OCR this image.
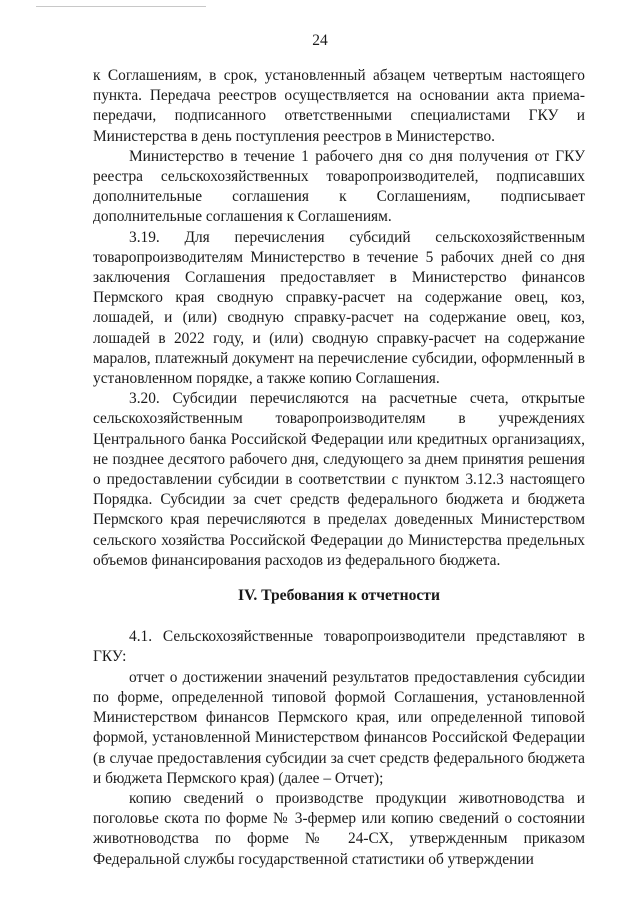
24

к Соглашениям, в срок, установленный абзацем четвертым настоящего пункта. Передача реестров осуществляется на основании акта приема-передачи, подписанного ответственными специалистами ГКУ и Министерства в день поступления реестров в Министерство.

Министерство в течение 1 рабочего дня со дня получения от ГКУ реестра сельскохозяйственных товаропроизводителей, подписавших дополнительные соглашения к Соглашениям, подписывает дополнительные соглашения к Соглашениям.

3.19. Для перечисления субсидий сельскохозяйственным товаропроизводителям Министерство в течение 5 рабочих дней со дня заключения Соглашения предоставляет в Министерство финансов Пермского края сводную справку-расчет на содержание овец, коз, лошадей, и (или) сводную справку-расчет на содержание овец, коз, лошадей в 2022 году, и (или) сводную справку-расчет на содержание маралов, платежный документ на перечисление субсидии, оформленный в установленном порядке, а также копию Соглашения.

3.20. Субсидии перечисляются на расчетные счета, открытые сельскохозяйственным товаропроизводителям в учреждениях Центрального банка Российской Федерации или кредитных организациях, не позднее десятого рабочего дня, следующего за днем принятия решения о предоставлении субсидии в соответствии с пунктом 3.12.3 настоящего Порядка. Субсидии за счет средств федерального бюджета и бюджета Пермского края перечисляются в пределах доведенных Министерством сельского хозяйства Российской Федерации до Министерства предельных объемов финансирования расходов из федерального бюджета.

IV. Требования к отчетности

4.1. Сельскохозяйственные товаропроизводители представляют в ГКУ:

отчет о достижении значений результатов предоставления субсидии по форме, определенной типовой формой Соглашения, установленной Министерством финансов Пермского края, или определенной типовой формой, установленной Министерством финансов Российской Федерации (в случае предоставления субсидии за счет средств федерального бюджета и бюджета Пермского края) (далее – Отчет);

копию сведений о производстве продукции животноводства и поголовье скота по форме № 3-фермер или копию сведений о состоянии животноводства по форме № 24-СХ, утвержденным приказом Федеральной службы государственной статистики об утверждении
